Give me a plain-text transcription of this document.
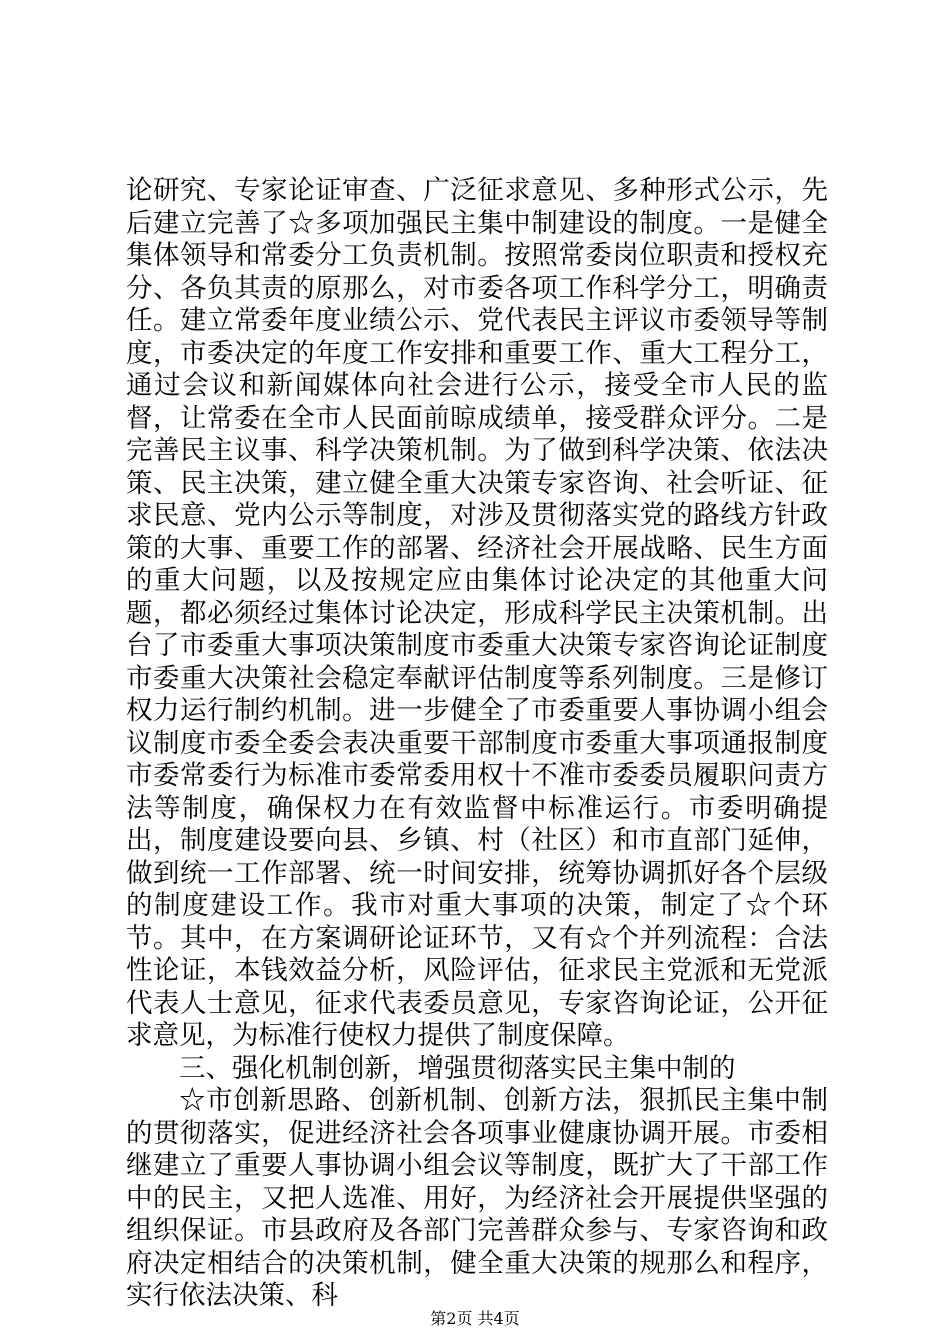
论研究、专家论证审查、广泛征求意见、多种形式公示，先后建立完善了☆多项加强民主集中制建设的制度。一是健全集体领导和常委分工负责机制。按照常委岗位职责和授权充分、各负其责的原那么，对市委各项工作科学分工，明确责任。建立常委年度业绩公示、党代表民主评议市委领导等制度，市委决定的年度工作安排和重要工作、重大工程分工，通过会议和新闻媒体向社会进行公示，接受全市人民的监督，让常委在全市人民面前晾成绩单，接受群众评分。二是完善民主议事、科学决策机制。为了做到科学决策、依法决策、民主决策，建立健全重大决策专家咨询、社会听证、征求民意、党内公示等制度，对涉及贯彻落实党的路线方针政策的大事、重要工作的部署、经济社会开展战略、民生方面的重大问题，以及按规定应由集体讨论决定的其他重大问题，都必须经过集体讨论决定，形成科学民主决策机制。出台了市委重大事项决策制度市委重大决策专家咨询论证制度市委重大决策社会稳定奉献评估制度等系列制度。三是修订权力运行制约机制。进一步健全了市委重要人事协调小组会议制度市委全委会表决重要干部制度市委重大事项通报制度市委常委行为标准市委常委用权十不准市委委员履职问责方法等制度，确保权力在有效监督中标准运行。市委明确提出，制度建设要向县、乡镇、村（社区）和市直部门延伸，做到统一工作部署、统一时间安排，统筹协调抓好各个层级的制度建设工作。我市对重大事项的决策，制定了☆个环节。其中，在方案调研论证环节，又有☆个并列流程：合法性论证，本钱效益分析，风险评估，征求民主党派和无党派代表人士意见，征求代表委员意见，专家咨询论证，公开征求意见，为标准行使权力提供了制度保障。

三、强化机制创新，增强贯彻落实民主集中制的

☆市创新思路、创新机制、创新方法，狠抓民主集中制的贯彻落实，促进经济社会各项事业健康协调开展。市委相继建立了重要人事协调小组会议等制度，既扩大了干部工作中的民主，又把人选准、用好，为经济社会开展提供坚强的组织保证。市县政府及各部门完善群众参与、专家咨询和政府决定相结合的决策机制，健全重大决策的规那么和程序，实行依法决策、科

第2页 共4页
